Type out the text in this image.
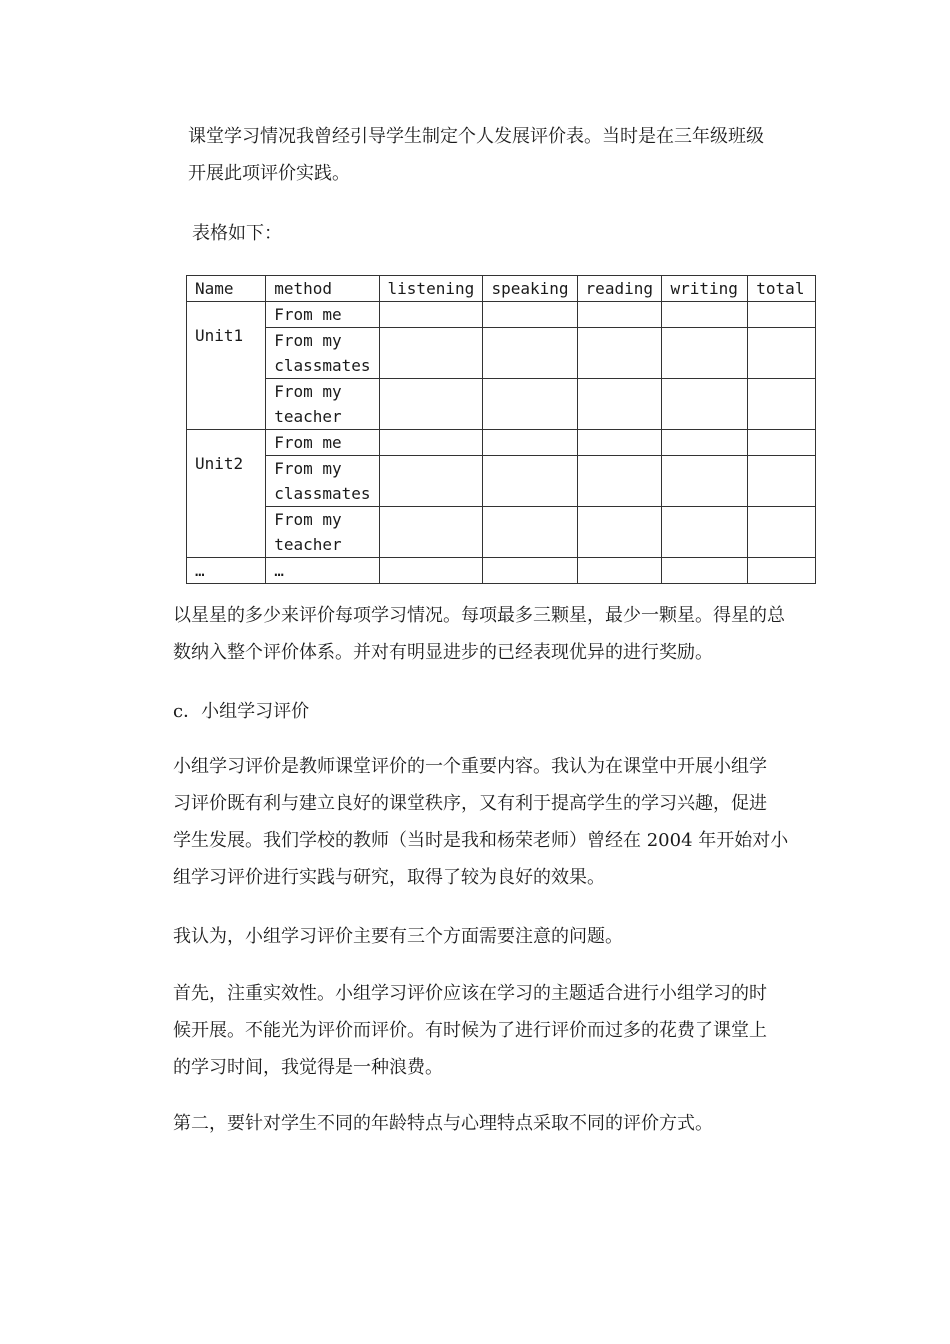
课堂学习情况我曾经引导学生制定个人发展评价表。当时是在三年级班级
开展此项评价实践。

表格如下：

Name	method	listening	speaking	reading	writing	total
Unit1	From me					

	From my
classmates					

	From my
teacher					

Unit2	From me					

	From my
classmates					

	From my
teacher					

…	…					

以星星的多少来评价每项学习情况。每项最多三颗星，最少一颗星。得星的总
数纳入整个评价体系。并对有明显进步的已经表现优异的进行奖励。

c．小组学习评价

小组学习评价是教师课堂评价的一个重要内容。我认为在课堂中开展小组学
习评价既有利与建立良好的课堂秩序，又有利于提高学生的学习兴趣，促进
学生发展。我们学校的教师（当时是我和杨荣老师）曾经在 2004 年开始对小
组学习评价进行实践与研究，取得了较为良好的效果。

我认为，小组学习评价主要有三个方面需要注意的问题。

首先，注重实效性。小组学习评价应该在学习的主题适合进行小组学习的时
候开展。不能光为评价而评价。有时候为了进行评价而过多的花费了课堂上
的学习时间，我觉得是一种浪费。

第二，要针对学生不同的年龄特点与心理特点采取不同的评价方式。
